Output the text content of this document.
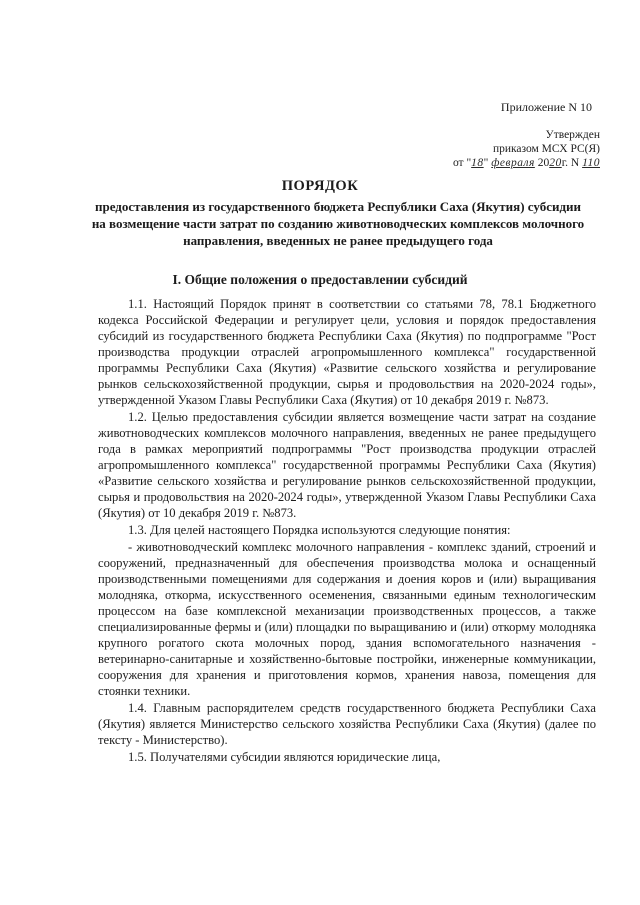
Приложение N 10
Утвержден
приказом МСХ РС(Я)
от "18" февраля 2020г. N 110
ПОРЯДОК
предоставления из государственного бюджета Республики Саха (Якутия) субсидии на возмещение части затрат по созданию животноводческих комплексов молочного направления, введенных не ранее предыдущего года
I. Общие положения о предоставлении субсидий

1.1. Настоящий Порядок принят в соответствии со статьями 78, 78.1 Бюджетного кодекса Российской Федерации и регулирует цели, условия и порядок предоставления субсидий из государственного бюджета Республики Саха (Якутия) по подпрограмме "Рост производства продукции отраслей агропромышленного комплекса" государственной программы Республики Саха (Якутия) «Развитие сельского хозяйства и регулирование рынков сельскохозяйственной продукции, сырья и продовольствия на 2020-2024 годы», утвержденной Указом Главы Республики Саха (Якутия) от 10 декабря 2019 г. №873.

1.2. Целью предоставления субсидии является возмещение части затрат на создание животноводческих комплексов молочного направления, введенных не ранее предыдущего года в рамках мероприятий подпрограммы "Рост производства продукции отраслей агропромышленного комплекса" государственной программы Республики Саха (Якутия) «Развитие сельского хозяйства и регулирование рынков сельскохозяйственной продукции, сырья и продовольствия на 2020-2024 годы», утвержденной Указом Главы Республики Саха (Якутия) от 10 декабря 2019 г. №873.

1.3. Для целей настоящего Порядка используются следующие понятия:

- животноводческий комплекс молочного направления - комплекс зданий, строений и сооружений, предназначенный для обеспечения производства молока и оснащенный производственными помещениями для содержания и доения коров и (или) выращивания молодняка, откорма, искусственного осеменения, связанными единым технологическим процессом на базе комплексной механизации производственных процессов, а также специализированные фермы и (или) площадки по выращиванию и (или) откорму молодняка крупного рогатого скота молочных пород, здания вспомогательного назначения - ветеринарно-санитарные и хозяйственно-бытовые постройки, инженерные коммуникации, сооружения для хранения и приготовления кормов, хранения навоза, помещения для стоянки техники.

1.4. Главным распорядителем средств государственного бюджета Республики Саха (Якутия) является Министерство сельского хозяйства Республики Саха (Якутия) (далее по тексту - Министерство).

1.5. Получателями субсидии являются юридические лица,
